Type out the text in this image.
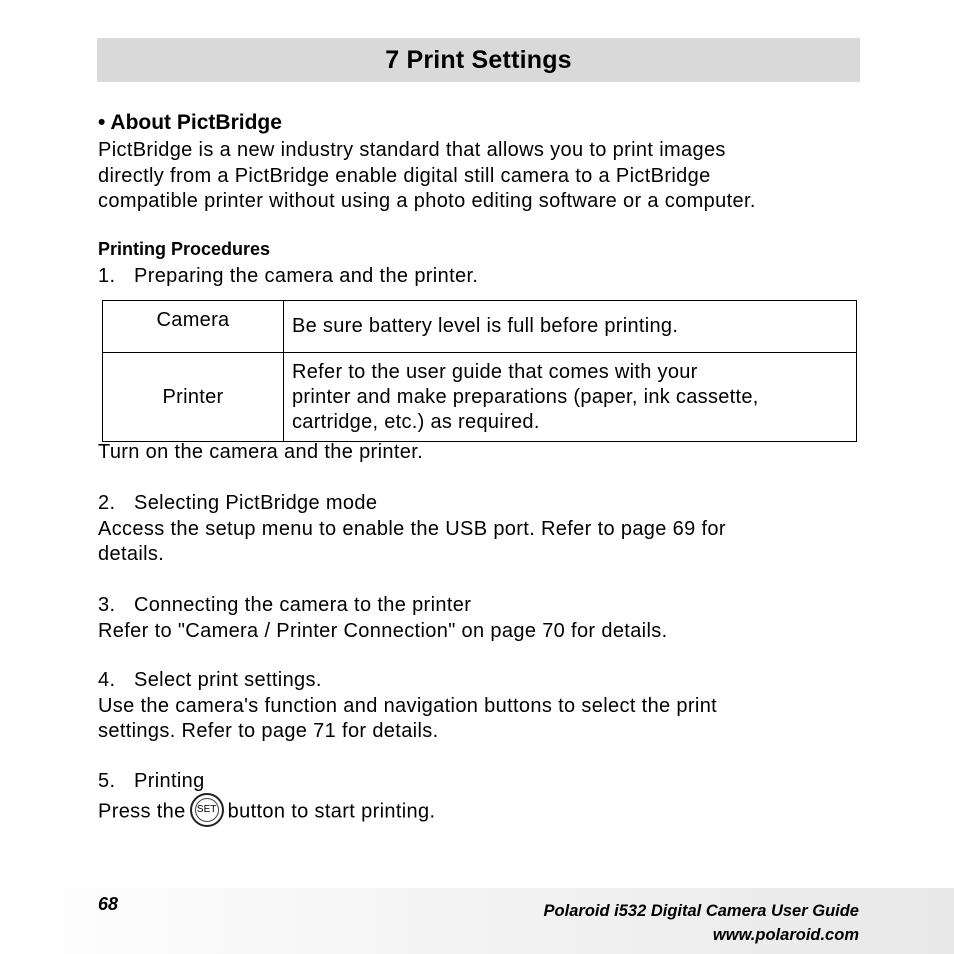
7 Print Settings
• About PictBridge
PictBridge is a new industry standard that allows you to print images
directly from a PictBridge enable digital still camera to a PictBridge
compatible printer without using a photo editing software or a computer.
Printing Procedures
1. Preparing the camera and the printer.
Camera	Be sure battery level is full before printing.

Printer	Refer to the user guide that comes with your
printer and make preparations (paper, ink cassette,
cartridge, etc.) as required.
Turn on the camera and the printer.
2. Selecting PictBridge mode
Access the setup menu to enable the USB port. Refer to page 69 for
details.
3. Connecting the camera to the printer
Refer to "Camera / Printer Connection" on page 70 for details.
4. Select print settings.
Use the camera's function and navigation buttons to select the print
settings. Refer to page 71 for details.
5. Printing
Press the SET button to start printing.
68	Polaroid i532 Digital Camera User Guide
www.polaroid.com
